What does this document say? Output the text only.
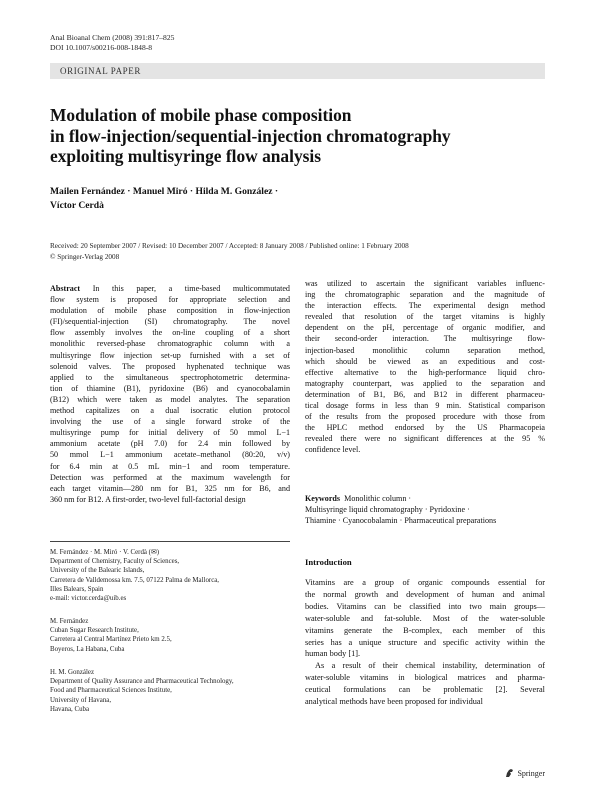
Anal Bioanal Chem (2008) 391:817–825
DOI 10.1007/s00216-008-1848-8
ORIGINAL PAPER
Modulation of mobile phase composition
in flow-injection/sequential-injection chromatography
exploiting multisyringe flow analysis
Mailen Fernández · Manuel Miró · Hilda M. González ·
Víctor Cerdà
Received: 20 September 2007 / Revised: 10 December 2007 / Accepted: 8 January 2008 / Published online: 1 February 2008
© Springer-Verlag 2008
Abstract In this paper, a time-based multicommutated
flow system is proposed for appropriate selection and
modulation of mobile phase composition in flow-injection
(FI)/sequential-injection (SI) chromatography. The novel
flow assembly involves the on-line coupling of a short
monolithic reversed-phase chromatographic column with a
multisyringe flow injection set-up furnished with a set of
solenoid valves. The proposed hyphenated technique was
applied to the simultaneous spectrophotometric determina-
tion of thiamine (B1), pyridoxine (B6) and cyanocobalamin
(B12) which were taken as model analytes. The separation
method capitalizes on a dual isocratic elution protocol
involving the use of a single forward stroke of the
multisyringe pump for initial delivery of 50 mmol L−1
ammonium acetate (pH 7.0) for 2.4 min followed by
50 mmol L−1 ammonium acetate–methanol (80:20, v/v)
for 6.4 min at 0.5 mL min−1 and room temperature.
Detection was performed at the maximum wavelength for
each target vitamin—280 nm for B1, 325 nm for B6, and
360 nm for B12. A first-order, two-level full-factorial design
was utilized to ascertain the significant variables influenc-
ing the chromatographic separation and the magnitude of
the interaction effects. The experimental design method
revealed that resolution of the target vitamins is highly
dependent on the pH, percentage of organic modifier, and
their second-order interaction. The multisyringe flow-
injection-based monolithic column separation method,
which should be viewed as an expeditious and cost-
effective alternative to the high-performance liquid chro-
matography counterpart, was applied to the separation and
determination of B1, B6, and B12 in different pharmaceu-
tical dosage forms in less than 9 min. Statistical comparison
of the results from the proposed procedure with those from
the HPLC method endorsed by the US Pharmacopeia
revealed there were no significant differences at the 95 %
confidence level.
Keywords Monolithic column ·
Multisyringe liquid chromatography · Pyridoxine ·
Thiamine · Cyanocobalamin · Pharmaceutical preparations
M. Fernández · M. Miró · V. Cerdà (✉)
Department of Chemistry, Faculty of Sciences,
University of the Balearic Islands,
Carretera de Valldemossa km. 7.5, 07122 Palma de Mallorca,
Illes Balears, Spain
e-mail: victor.cerda@uib.es
M. Fernández
Cuban Sugar Research Institute,
Carretera al Central Martínez Prieto km 2.5,
Boyeros, La Habana, Cuba
H. M. González
Department of Quality Assurance and Pharmaceutical Technology,
Food and Pharmaceutical Sciences Institute,
University of Havana,
Havana, Cuba
Introduction
Vitamins are a group of organic compounds essential for
the normal growth and development of human and animal
bodies. Vitamins can be classified into two main groups—
water-soluble and fat-soluble. Most of the water-soluble
vitamins generate the B-complex, each member of this
series has a unique structure and specific activity within the
human body [1].
As a result of their chemical instability, determination of
water-soluble vitamins in biological matrices and pharma-
ceutical formulations can be problematic [2]. Several
analytical methods have been proposed for individual
Springer
